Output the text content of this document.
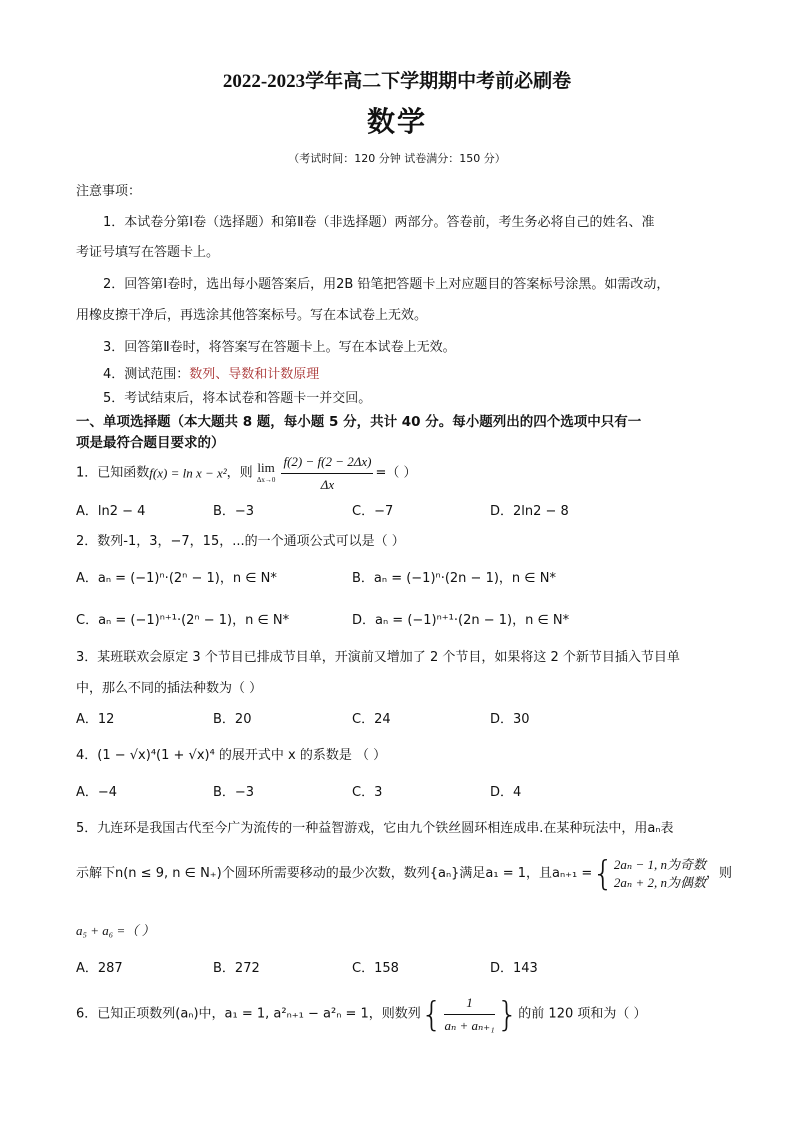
2022-2023学年高二下学期期中考前必刷卷
数学
（考试时间：120 分钟 试卷满分：150 分）
注意事项：
1．本试卷分第Ⅰ卷（选择题）和第Ⅱ卷（非选择题）两部分。答卷前，考生务必将自己的姓名、准
考证号填写在答题卡上。
2．回答第Ⅰ卷时，选出每小题答案后，用2B 铅笔把答题卡上对应题目的答案标号涂黑。如需改动，
用橡皮擦干净后，再选涂其他答案标号。写在本试卷上无效。
3．回答第Ⅱ卷时，将答案写在答题卡上。写在本试卷上无效。
4．测试范围：数列、导数和计数原理
5．考试结束后，将本试卷和答题卡一并交回。
一、单项选择题（本大题共 8 题，每小题 5 分，共计 40 分。每小题列出的四个选项中只有一
项是最符合题目要求的）
1．已知函数f(x) = ln x − x²，则 lim
Δx→0
$\frac{f(2) - f(2 - 2\Delta x)}{\Delta x}$ =（ ）
A．ln2 − 4	B．−3	C．−7	D．2ln2 − 8
2．数列-1，3，−7，15，...的一个通项公式可以是（ ）
A．aₙ = (−1)ⁿ·(2ⁿ − 1)，n ∈ N*	B．aₙ = (−1)ⁿ·(2n − 1)，n ∈ N*
C．aₙ = (−1)ⁿ⁺¹·(2ⁿ − 1)，n ∈ N*	D．aₙ = (−1)ⁿ⁺¹·(2n − 1)，n ∈ N*
3．某班联欢会原定 3 个节目已排成节目单，开演前又增加了 2 个节目，如果将这 2 个新节目插入节目单
中，那么不同的插法种数为（ ）
A．12	B．20	C．24	D．30
4．(1 − √x)⁴(1 + √x)⁴ 的展开式中 x 的系数是 （ ）
A．−4	B．−3	C．3	D．4
5．九连环是我国古代至今广为流传的一种益智游戏，它由九个铁丝圆环相连成串.在某种玩法中，用aₙ表
示解下n(n ≤ 9, n ∈ N₊)个圆环所需要移动的最少次数，数列{aₙ}满足a₁ = 1，且aₙ₊₁ ={ 2aₙ − 1, n为奇数
2aₙ + 2, n为偶数
，则
a₅ + a₆ =（ ）
A．287	B．272	C．158	D．143
6．已知正项数列(aₙ)中，a₁ = 1, a²ₙ₊₁ − a²ₙ = 1，则数列{ $\frac{1}{\text{aₙ + aₙ₊₁}}$ }的前 120 项和为（ ）
